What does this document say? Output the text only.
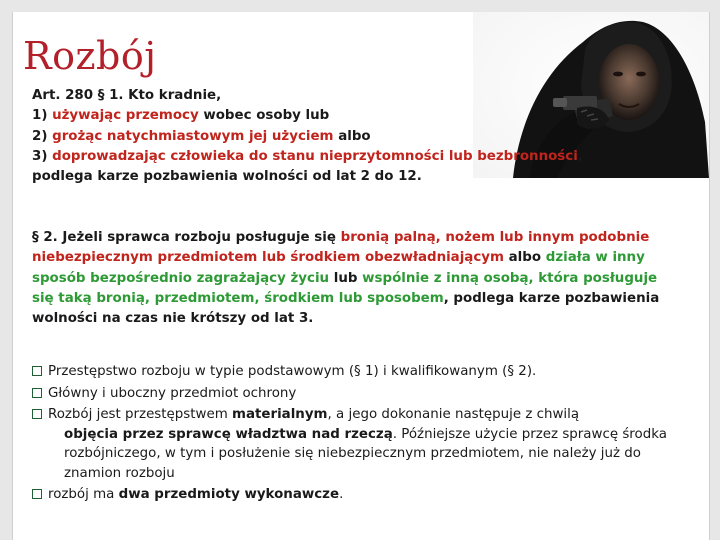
Rozbój
Art. 280 § 1. Kto kradnie,
1) używając przemocy wobec osoby lub
2) grożąc natychmiastowym jej użyciem albo
3) doprowadzając człowieka do stanu nieprzytomności lub bezbronności,
podlega karze pozbawienia wolności od lat 2 do 12.
§ 2. Jeżeli sprawca rozboju posługuje się bronią palną, nożem lub innym podobnie niebezpiecznym przedmiotem lub środkiem obezwładniającym albo działa w inny sposób bezpośrednio zagrażający życiu lub wspólnie z inną osobą, która posługuje się taką bronią, przedmiotem, środkiem lub sposobem, podlega karze pozbawienia wolności na czas nie krótszy od lat 3.
Przestępstwo rozboju w typie podstawowym (§ 1) i kwalifikowanym (§ 2).
Główny i uboczny przedmiot ochrony
Rozbój jest przestępstwem materialnym, a jego dokonanie następuje z chwilą
objęcia przez sprawcę władztwa nad rzeczą. Późniejsze użycie przez sprawcę środka rozbójniczego, w tym i posłużenie się niebezpiecznym przedmiotem, nie należy już do znamion rozboju
rozbój ma dwa przedmioty wykonawcze.
